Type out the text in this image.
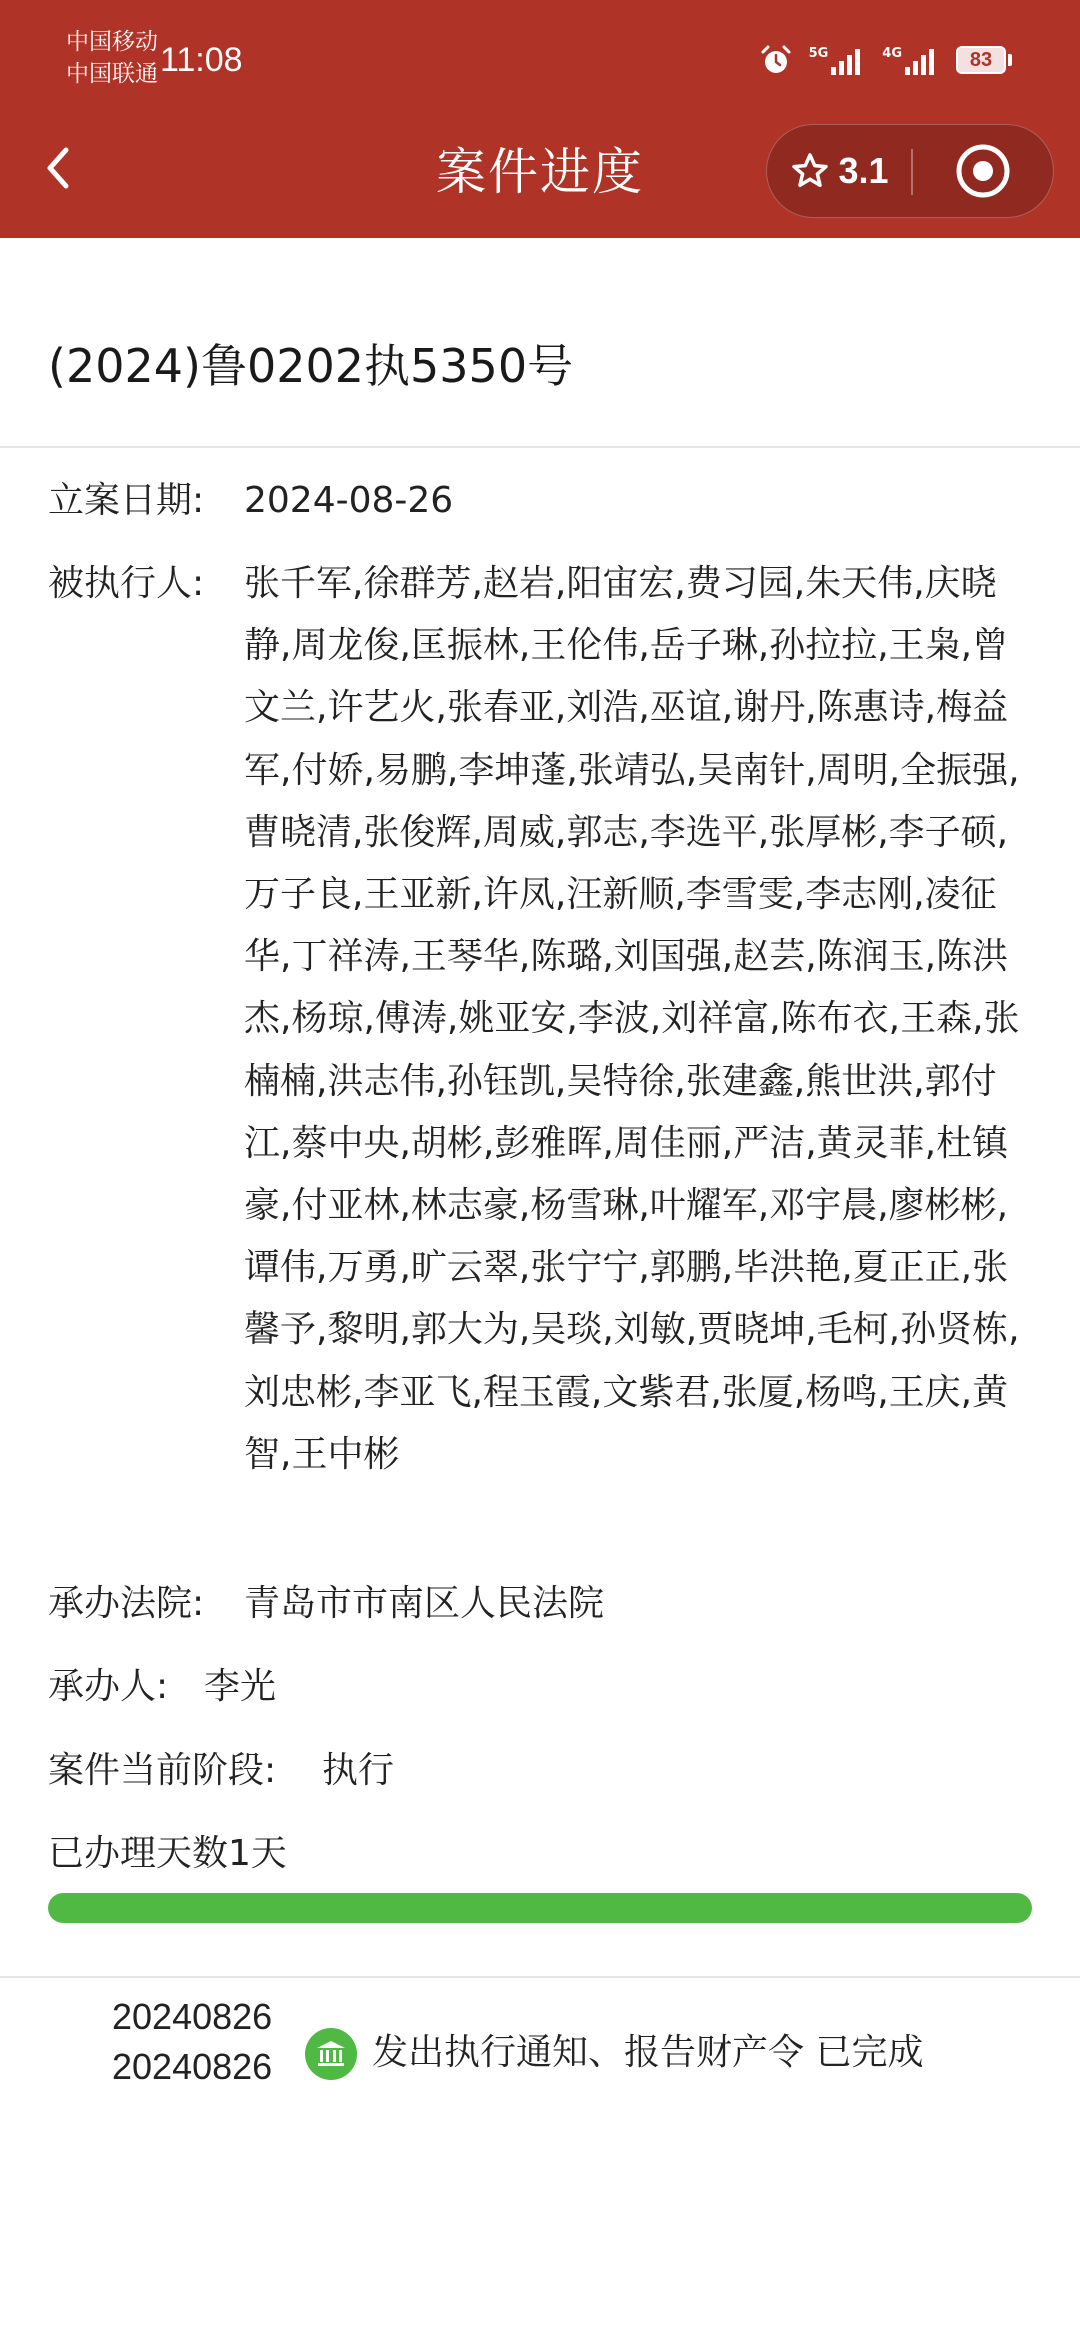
中国移动
中国联通 11:08	5G	4G	83
案件进度	3.1
(2024)鲁0202执5350号
立案日期: 2024-08-26
被执行人: 张千军,徐群芳,赵岩,阳宙宏,费习园,朱天伟,庆晓静,周龙俊,匡振林,王伦伟,岳子琳,孙拉拉,王枭,曾文兰,许艺火,张春亚,刘浩,巫谊,谢丹,陈惠诗,梅益军,付娇,易鹏,李坤蓬,张靖弘,吴南针,周明,全振强,曹晓清,张俊辉,周威,郭志,李选平,张厚彬,李子硕,万子良,王亚新,许凤,汪新顺,李雪雯,李志刚,凌征华,丁祥涛,王琴华,陈璐,刘国强,赵芸,陈润玉,陈洪杰,杨琼,傅涛,姚亚安,李波,刘祥富,陈布衣,王森,张楠楠,洪志伟,孙钰凯,吴特徐,张建鑫,熊世洪,郭付江,蔡中央,胡彬,彭雅晖,周佳丽,严洁,黄灵菲,杜镇豪,付亚林,林志豪,杨雪琳,叶耀军,邓宇晨,廖彬彬,谭伟,万勇,旷云翠,张宁宁,郭鹏,毕洪艳,夏正正,张馨予,黎明,郭大为,吴琰,刘敏,贾晓坤,毛柯,孙贤栋,刘忠彬,李亚飞,程玉霞,文紫君,张厦,杨鸣,王庆,黄智,王中彬
承办法院: 青岛市市南区人民法院
承办人: 李光
案件当前阶段: 执行
已办理天数1天
20240826
20240826	发出执行通知、报告财产令 已完成
